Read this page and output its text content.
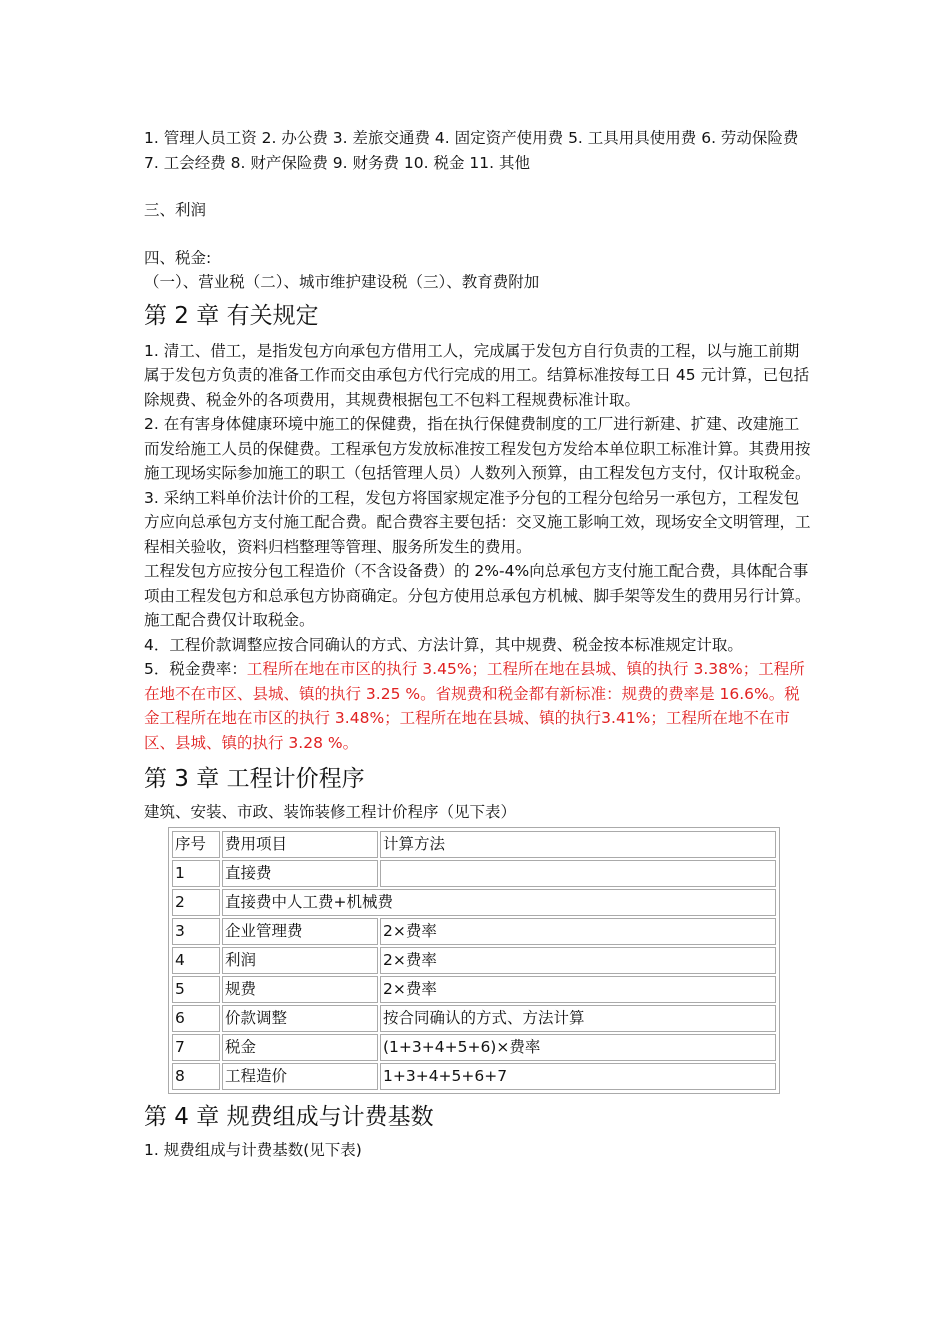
1. 管理人员工资 2. 办公费 3. 差旅交通费 4. 固定资产使用费 5. 工具用具使用费 6. 劳动保险费 7. 工会经费 8. 财产保险费 9. 财务费 10. 税金 11. 其他

三、利润

四、税金:

（一）、营业税（二）、城市维护建设税（三）、教育费附加

第 2 章 有关规定

1. 清工、借工，是指发包方向承包方借用工人，完成属于发包方自行负责的工程，以与施工前期属于发包方负责的准备工作而交由承包方代行完成的用工。结算标准按每工日 45 元计算，已包括除规费、税金外的各项费用，其规费根据包工不包料工程规费标准计取。

2. 在有害身体健康环境中施工的保健费，指在执行保健费制度的工厂进行新建、扩建、改建施工而发给施工人员的保健费。工程承包方发放标准按工程发包方发给本单位职工标准计算。其费用按施工现场实际参加施工的职工（包括管理人员）人数列入预算，由工程发包方支付，仅计取税金。

3. 采纳工料单价法计价的工程，发包方将国家规定准予分包的工程分包给另一承包方，工程发包方应向总承包方支付施工配合费。配合费容主要包括：交叉施工影响工效，现场安全文明管理，工程相关验收，资料归档整理等管理、服务所发生的费用。

工程发包方应按分包工程造价（不含设备费）的 2%-4%向总承包方支付施工配合费，具体配合事项由工程发包方和总承包方协商确定。分包方使用总承包方机械、脚手架等发生的费用另行计算。施工配合费仅计取税金。

4．工程价款调整应按合同确认的方式、方法计算，其中规费、税金按本标准规定计取。

5．税金费率：工程所在地在市区的执行 3.45%；工程所在地在县城、镇的执行 3.38%；工程所在地不在市区、县城、镇的执行 3.25 %。省规费和税金都有新标准：规费的费率是 16.6%。税金工程所在地在市区的执行 3.48%；工程所在地在县城、镇的执行3.41%；工程所在地不在市区、县城、镇的执行 3.28 %。

第 3 章 工程计价程序

建筑、安装、市政、装饰装修工程计价程序（见下表）

序号	费用项目	计算方法
1	直接费	
2	直接费中人工费+机械费	
3	企业管理费	2×费率
4	利润	2×费率
5	规费	2×费率
6	价款调整	按合同确认的方式、方法计算
7	税金	(1+3+4+5+6)×费率
8	工程造价	1+3+4+5+6+7
第 4 章 规费组成与计费基数

1. 规费组成与计费基数(见下表)
